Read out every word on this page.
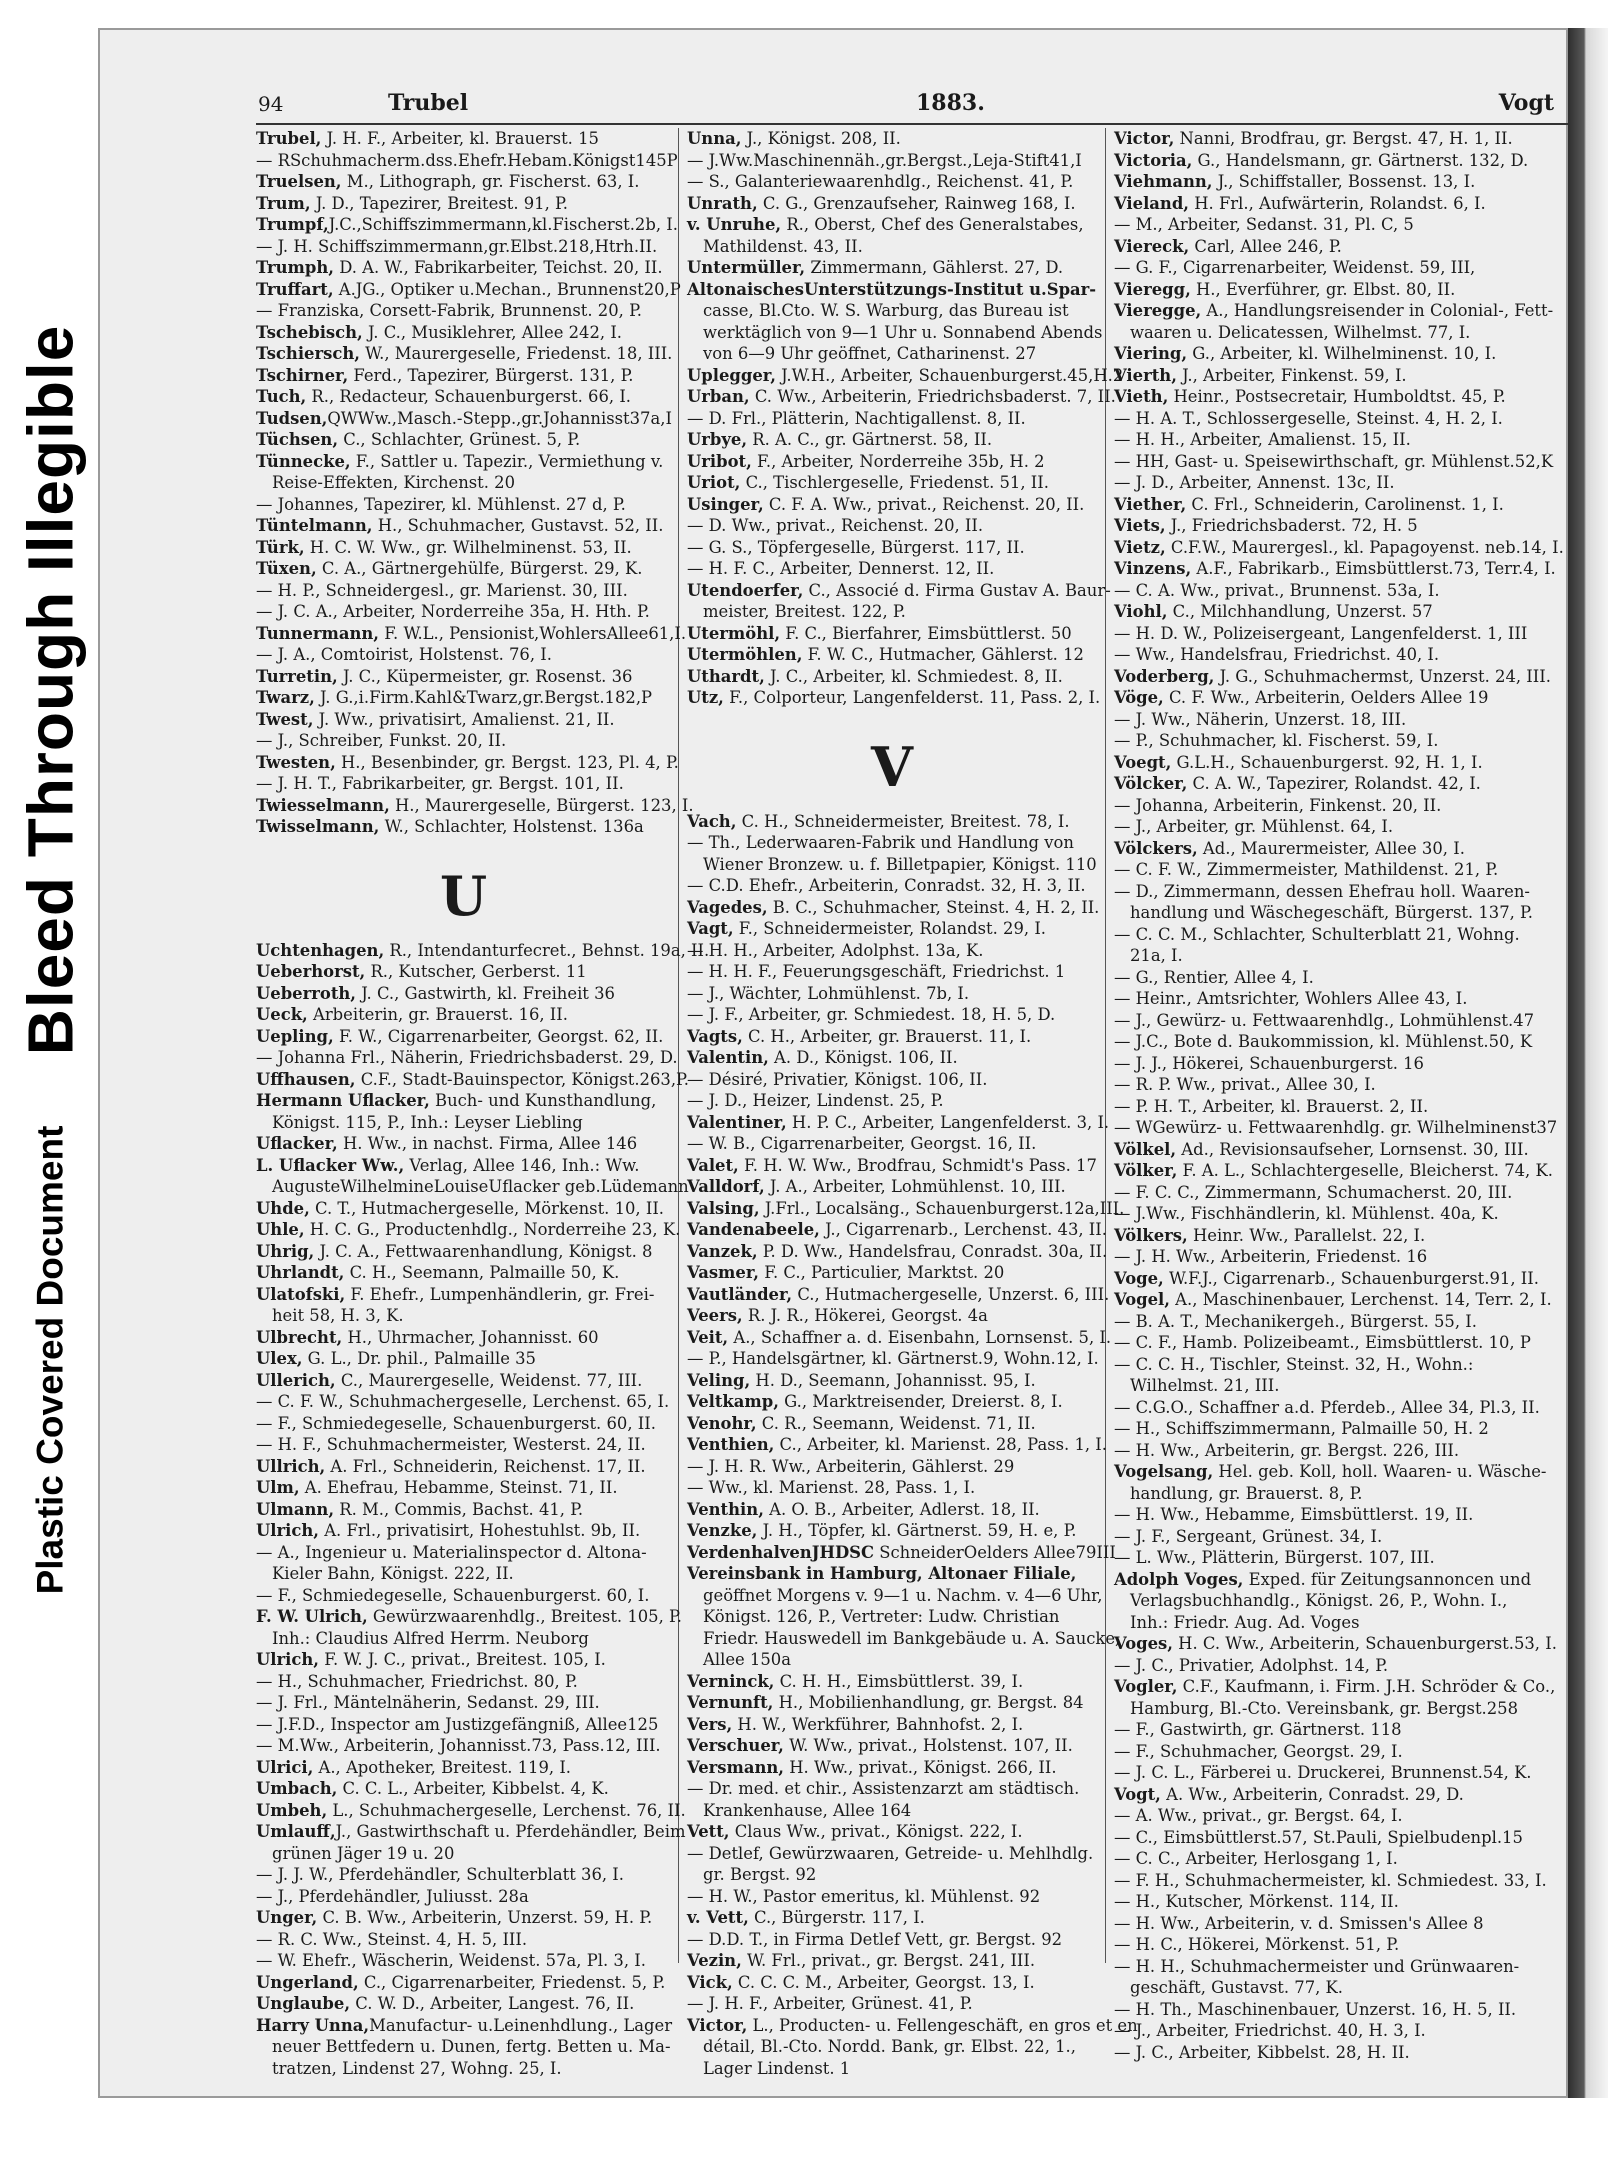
Bleed Through Illegible
Plastic Covered Document
94	Trubel	1883.	Vogt

Trubel, J. H. F., Arbeiter, kl. Brauerst. 15

— RSchuhmacherm.dss.Ehefr.Hebam.Königst145P

Truelsen, M., Lithograph, gr. Fischerst. 63, I.

Trum, J. D., Tapezirer, Breitest. 91, P.

Trumpf,J.C.,Schiffszimmermann,kl.Fischerst.2b, I.

— J. H. Schiffszimmermann,gr.Elbst.218,Htrh.II.

Trumph, D. A. W., Fabrikarbeiter, Teichst. 20, II.

Truffart, A.JG., Optiker u.Mechan., Brunnenst20,P

— Franziska, Corsett-Fabrik, Brunnenst. 20, P.

Tschebisch, J. C., Musiklehrer, Allee 242, I.

Tschiersch, W., Maurergeselle, Friedenst. 18, III.

Tschirner, Ferd., Tapezirer, Bürgerst. 131, P.

Tuch, R., Redacteur, Schauenburgerst. 66, I.

Tudsen,QWWw.,Masch.-Stepp.,gr.Johannisst37a,I

Tüchsen, C., Schlachter, Grünest. 5, P.

Tünnecke, F., Sattler u. Tapezir., Vermiethung v.

Reise-Effekten, Kirchenst. 20

— Johannes, Tapezirer, kl. Mühlenst. 27 d, P.

Tüntelmann, H., Schuhmacher, Gustavst. 52, II.

Türk, H. C. W. Ww., gr. Wilhelminenst. 53, II.

Tüxen, C. A., Gärtnergehülfe, Bürgerst. 29, K.

— H. P., Schneidergesl., gr. Marienst. 30, III.

— J. C. A., Arbeiter, Norderreihe 35a, H. Hth. P.

Tunnermann, F. W.L., Pensionist,WohlersAllee61,I.

— J. A., Comtoirist, Holstenst. 76, I.

Turretin, J. C., Küpermeister, gr. Rosenst. 36

Twarz, J. G.,i.Firm.Kahl&Twarz,gr.Bergst.182,P

Twest, J. Ww., privatisirt, Amalienst. 21, II.

— J., Schreiber, Funkst. 20, II.

Twesten, H., Besenbinder, gr. Bergst. 123, Pl. 4, P.

— J. H. T., Fabrikarbeiter, gr. Bergst. 101, II.

Twiesselmann, H., Maurergeselle, Bürgerst. 123, I.

Twisselmann, W., Schlachter, Holstenst. 136a

U

Uchtenhagen, R., Intendanturfecret., Behnst. 19a, II.

Ueberhorst, R., Kutscher, Gerberst. 11

Ueberroth, J. C., Gastwirth, kl. Freiheit 36

Ueck, Arbeiterin, gr. Brauerst. 16, II.

Uepling, F. W., Cigarrenarbeiter, Georgst. 62, II.

— Johanna Frl., Näherin, Friedrichsbaderst. 29, D.

Uffhausen, C.F., Stadt-Bauinspector, Königst.263,P.

Hermann Uflacker, Buch- und Kunsthandlung,

Königst. 115, P., Inh.: Leyser Liebling

Uflacker, H. Ww., in nachst. Firma, Allee 146

L. Uflacker Ww., Verlag, Allee 146, Inh.: Ww.

AugusteWilhelmineLouiseUflacker geb.Lüdemann

Uhde, C. T., Hutmachergeselle, Mörkenst. 10, II.

Uhle, H. C. G., Productenhdlg., Norderreihe 23, K.

Uhrig, J. C. A., Fettwaarenhandlung, Königst. 8

Uhrlandt, C. H., Seemann, Palmaille 50, K.

Ulatofski, F. Ehefr., Lumpenhändlerin, gr. Frei-

heit 58, H. 3, K.

Ulbrecht, H., Uhrmacher, Johannisst. 60

Ulex, G. L., Dr. phil., Palmaille 35

Ullerich, C., Maurergeselle, Weidenst. 77, III.

— C. F. W., Schuhmachergeselle, Lerchenst. 65, I.

— F., Schmiedegeselle, Schauenburgerst. 60, II.

— H. F., Schuhmachermeister, Westerst. 24, II.

Ullrich, A. Frl., Schneiderin, Reichenst. 17, II.

Ulm, A. Ehefrau, Hebamme, Steinst. 71, II.

Ulmann, R. M., Commis, Bachst. 41, P.

Ulrich, A. Frl., privatisirt, Hohestuhlst. 9b, II.

— A., Ingenieur u. Materialinspector d. Altona-

Kieler Bahn, Königst. 222, II.

— F., Schmiedegeselle, Schauenburgerst. 60, I.

F. W. Ulrich, Gewürzwaarenhdlg., Breitest. 105, P.

Inh.: Claudius Alfred Herrm. Neuborg

Ulrich, F. W. J. C., privat., Breitest. 105, I.

— H., Schuhmacher, Friedrichst. 80, P.

— J. Frl., Mäntelnäherin, Sedanst. 29, III.

— J.F.D., Inspector am Justizgefängniß, Allee125

— M.Ww., Arbeiterin, Johannisst.73, Pass.12, III.

Ulrici, A., Apotheker, Breitest. 119, I.

Umbach, C. C. L., Arbeiter, Kibbelst. 4, K.

Umbeh, L., Schuhmachergeselle, Lerchenst. 76, II.

Umlauff,J., Gastwirthschaft u. Pferdehändler, Beim

grünen Jäger 19 u. 20

— J. J. W., Pferdehändler, Schulterblatt 36, I.

— J., Pferdehändler, Juliusst. 28a

Unger, C. B. Ww., Arbeiterin, Unzerst. 59, H. P.

— R. C. Ww., Steinst. 4, H. 5, III.

— W. Ehefr., Wäscherin, Weidenst. 57a, Pl. 3, I.

Ungerland, C., Cigarrenarbeiter, Friedenst. 5, P.

Unglaube, C. W. D., Arbeiter, Langest. 76, II.

Harry Unna,Manufactur- u.Leinenhdlung., Lager

neuer Bettfedern u. Dunen, fertg. Betten u. Ma-

tratzen, Lindenst 27, Wohng. 25, I.

Unna, J., Königst. 208, II.

— J.Ww.Maschinennäh.,gr.Bergst.,Leja-Stift41,I

— S., Galanteriewaarenhdlg., Reichenst. 41, P.

Unrath, C. G., Grenzaufseher, Rainweg 168, I.

v. Unruhe, R., Oberst, Chef des Generalstabes,

Mathildenst. 43, II.

Untermüller, Zimmermann, Gählerst. 27, D.

AltonaischesUnterstützungs-Institut u.Spar-

casse, Bl.Cto. W. S. Warburg, das Bureau ist

werktäglich von 9—1 Uhr u. Sonnabend Abends

von 6—9 Uhr geöffnet, Catharinenst. 27

Uplegger, J.W.H., Arbeiter, Schauenburgerst.45,H.2

Urban, C. Ww., Arbeiterin, Friedrichsbaderst. 7, II.

— D. Frl., Plätterin, Nachtigallenst. 8, II.

Urbye, R. A. C., gr. Gärtnerst. 58, II.

Uribot, F., Arbeiter, Norderreihe 35b, H. 2

Uriot, C., Tischlergeselle, Friedenst. 51, II.

Usinger, C. F. A. Ww., privat., Reichenst. 20, II.

— D. Ww., privat., Reichenst. 20, II.

— G. S., Töpfergeselle, Bürgerst. 117, II.

— H. F. C., Arbeiter, Dennerst. 12, II.

Utendoerfer, C., Associé d. Firma Gustav A. Baur-

meister, Breitest. 122, P.

Utermöhl, F. C., Bierfahrer, Eimsbüttlerst. 50

Utermöhlen, F. W. C., Hutmacher, Gählerst. 12

Uthardt, J. C., Arbeiter, kl. Schmiedest. 8, II.

Utz, F., Colporteur, Langenfelderst. 11, Pass. 2, I.

V

Vach, C. H., Schneidermeister, Breitest. 78, I.

— Th., Lederwaaren-Fabrik und Handlung von

Wiener Bronzew. u. f. Billetpapier, Königst. 110

— C.D. Ehefr., Arbeiterin, Conradst. 32, H. 3, II.

Vagedes, B. C., Schuhmacher, Steinst. 4, H. 2, II.

Vagt, F., Schneidermeister, Rolandst. 29, I.

— H. H., Arbeiter, Adolphst. 13a, K.

— H. H. F., Feuerungsgeschäft, Friedrichst. 1

— J., Wächter, Lohmühlenst. 7b, I.

— J. F., Arbeiter, gr. Schmiedest. 18, H. 5, D.

Vagts, C. H., Arbeiter, gr. Brauerst. 11, I.

Valentin, A. D., Königst. 106, II.

— Désiré, Privatier, Königst. 106, II.

— J. D., Heizer, Lindenst. 25, P.

Valentiner, H. P. C., Arbeiter, Langenfelderst. 3, I.

— W. B., Cigarrenarbeiter, Georgst. 16, II.

Valet, F. H. W. Ww., Brodfrau, Schmidt's Pass. 17

Valldorf, J. A., Arbeiter, Lohmühlenst. 10, III.

Valsing, J.Frl., Localsäng., Schauenburgerst.12a,III.

Vandenabeele, J., Cigarrenarb., Lerchenst. 43, II.

Vanzek, P. D. Ww., Handelsfrau, Conradst. 30a, II.

Vasmer, F. C., Particulier, Marktst. 20

Vautländer, C., Hutmachergeselle, Unzerst. 6, III.

Veers, R. J. R., Hökerei, Georgst. 4a

Veit, A., Schaffner a. d. Eisenbahn, Lornsenst. 5, I.

— P., Handelsgärtner, kl. Gärtnerst.9, Wohn.12, I.

Veling, H. D., Seemann, Johannisst. 95, I.

Veltkamp, G., Marktreisender, Dreierst. 8, I.

Venohr, C. R., Seemann, Weidenst. 71, II.

Venthien, C., Arbeiter, kl. Marienst. 28, Pass. 1, I.

— J. H. R. Ww., Arbeiterin, Gählerst. 29

— Ww., kl. Marienst. 28, Pass. 1, I.

Venthin, A. O. B., Arbeiter, Adlerst. 18, II.

Venzke, J. H., Töpfer, kl. Gärtnerst. 59, H. e, P.

VerdenhalvenJHDSC SchneiderOelders Allee79III

Vereinsbank in Hamburg, Altonaer Filiale,

geöffnet Morgens v. 9—1 u. Nachm. v. 4—6 Uhr,

Königst. 126, P., Vertreter: Ludw. Christian

Friedr. Hauswedell im Bankgebäude u. A. Saucke,

Allee 150a

Verninck, C. H. H., Eimsbüttlerst. 39, I.

Vernunft, H., Mobilienhandlung, gr. Bergst. 84

Vers, H. W., Werkführer, Bahnhofst. 2, I.

Verschuer, W. Ww., privat., Holstenst. 107, II.

Versmann, H. Ww., privat., Königst. 266, II.

— Dr. med. et chir., Assistenzarzt am städtisch.

Krankenhause, Allee 164

Vett, Claus Ww., privat., Königst. 222, I.

— Detlef, Gewürzwaaren, Getreide- u. Mehlhdlg.

gr. Bergst. 92

— H. W., Pastor emeritus, kl. Mühlenst. 92

v. Vett, C., Bürgerstr. 117, I.

— D.D. T., in Firma Detlef Vett, gr. Bergst. 92

Vezin, W. Frl., privat., gr. Bergst. 241, III.

Vick, C. C. C. M., Arbeiter, Georgst. 13, I.

— J. H. F., Arbeiter, Grünest. 41, P.

Victor, L., Producten- u. Fellengeschäft, en gros et en

détail, Bl.-Cto. Nordd. Bank, gr. Elbst. 22, 1.,

Lager Lindenst. 1

Victor, Nanni, Brodfrau, gr. Bergst. 47, H. 1, II.

Victoria, G., Handelsmann, gr. Gärtnerst. 132, D.

Viehmann, J., Schiffstaller, Bossenst. 13, I.

Vieland, H. Frl., Aufwärterin, Rolandst. 6, I.

— M., Arbeiter, Sedanst. 31, Pl. C, 5

Viereck, Carl, Allee 246, P.

— G. F., Cigarrenarbeiter, Weidenst. 59, III,

Vieregg, H., Everführer, gr. Elbst. 80, II.

Vieregge, A., Handlungsreisender in Colonial-, Fett-

waaren u. Delicatessen, Wilhelmst. 77, I.

Viering, G., Arbeiter, kl. Wilhelminenst. 10, I.

Vierth, J., Arbeiter, Finkenst. 59, I.

Vieth, Heinr., Postsecretair, Humboldtst. 45, P.

— H. A. T., Schlossergeselle, Steinst. 4, H. 2, I.

— H. H., Arbeiter, Amalienst. 15, II.

— HH, Gast- u. Speisewirthschaft, gr. Mühlenst.52,K

— J. D., Arbeiter, Annenst. 13c, II.

Viether, C. Frl., Schneiderin, Carolinenst. 1, I.

Viets, J., Friedrichsbaderst. 72, H. 5

Vietz, C.F.W., Maurergesl., kl. Papagoyenst. neb.14, I.

Vinzens, A.F., Fabrikarb., Eimsbüttlerst.73, Terr.4, I.

— C. A. Ww., privat., Brunnenst. 53a, I.

Viohl, C., Milchhandlung, Unzerst. 57

— H. D. W., Polizeisergeant, Langenfelderst. 1, III

— Ww., Handelsfrau, Friedrichst. 40, I.

Voderberg, J. G., Schuhmachermst, Unzerst. 24, III.

Vöge, C. F. Ww., Arbeiterin, Oelders Allee 19

— J. Ww., Näherin, Unzerst. 18, III.

— P., Schuhmacher, kl. Fischerst. 59, I.

Voegt, G.L.H., Schauenburgerst. 92, H. 1, I.

Völcker, C. A. W., Tapezirer, Rolandst. 42, I.

— Johanna, Arbeiterin, Finkenst. 20, II.

— J., Arbeiter, gr. Mühlenst. 64, I.

Völckers, Ad., Maurermeister, Allee 30, I.

— C. F. W., Zimmermeister, Mathildenst. 21, P.

— D., Zimmermann, dessen Ehefrau holl. Waaren-

handlung und Wäschegeschäft, Bürgerst. 137, P.

— C. C. M., Schlachter, Schulterblatt 21, Wohng.

21a, I.

— G., Rentier, Allee 4, I.

— Heinr., Amtsrichter, Wohlers Allee 43, I.

— J., Gewürz- u. Fettwaarenhdlg., Lohmühlenst.47

— J.C., Bote d. Baukommission, kl. Mühlenst.50, K

— J. J., Hökerei, Schauenburgerst. 16

— R. P. Ww., privat., Allee 30, I.

— P. H. T., Arbeiter, kl. Brauerst. 2, II.

— WGewürz- u. Fettwaarenhdlg. gr. Wilhelminenst37

Völkel, Ad., Revisionsaufseher, Lornsenst. 30, III.

Völker, F. A. L., Schlachtergeselle, Bleicherst. 74, K.

— F. C. C., Zimmermann, Schumacherst. 20, III.

— J.Ww., Fischhändlerin, kl. Mühlenst. 40a, K.

Völkers, Heinr. Ww., Parallelst. 22, I.

— J. H. Ww., Arbeiterin, Friedenst. 16

Voge, W.F.J., Cigarrenarb., Schauenburgerst.91, II.

Vogel, A., Maschinenbauer, Lerchenst. 14, Terr. 2, I.

— B. A. T., Mechanikergeh., Bürgerst. 55, I.

— C. F., Hamb. Polizeibeamt., Eimsbüttlerst. 10, P

— C. C. H., Tischler, Steinst. 32, H., Wohn.:

Wilhelmst. 21, III.

— C.G.O., Schaffner a.d. Pferdeb., Allee 34, Pl.3, II.

— H., Schiffszimmermann, Palmaille 50, H. 2

— H. Ww., Arbeiterin, gr. Bergst. 226, III.

Vogelsang, Hel. geb. Koll, holl. Waaren- u. Wäsche-

handlung, gr. Brauerst. 8, P.

— H. Ww., Hebamme, Eimsbüttlerst. 19, II.

— J. F., Sergeant, Grünest. 34, I.

— L. Ww., Plätterin, Bürgerst. 107, III.

Adolph Voges, Exped. für Zeitungsannoncen und

Verlagsbuchhandlg., Königst. 26, P., Wohn. I.,

Inh.: Friedr. Aug. Ad. Voges

Voges, H. C. Ww., Arbeiterin, Schauenburgerst.53, I.

— J. C., Privatier, Adolphst. 14, P.

Vogler, C.F., Kaufmann, i. Firm. J.H. Schröder & Co.,

Hamburg, Bl.-Cto. Vereinsbank, gr. Bergst.258

— F., Gastwirth, gr. Gärtnerst. 118

— F., Schuhmacher, Georgst. 29, I.

— J. C. L., Färberei u. Druckerei, Brunnenst.54, K.

Vogt, A. Ww., Arbeiterin, Conradst. 29, D.

— A. Ww., privat., gr. Bergst. 64, I.

— C., Eimsbüttlerst.57, St.Pauli, Spielbudenpl.15

— C. C., Arbeiter, Herlosgang 1, I.

— F. H., Schuhmachermeister, kl. Schmiedest. 33, I.

— H., Kutscher, Mörkenst. 114, II.

— H. Ww., Arbeiterin, v. d. Smissen's Allee 8

— H. C., Hökerei, Mörkenst. 51, P.

— H. H., Schuhmachermeister und Grünwaaren-

geschäft, Gustavst. 77, K.

— H. Th., Maschinenbauer, Unzerst. 16, H. 5, II.

— J., Arbeiter, Friedrichst. 40, H. 3, I.

— J. C., Arbeiter, Kibbelst. 28, H. II.
